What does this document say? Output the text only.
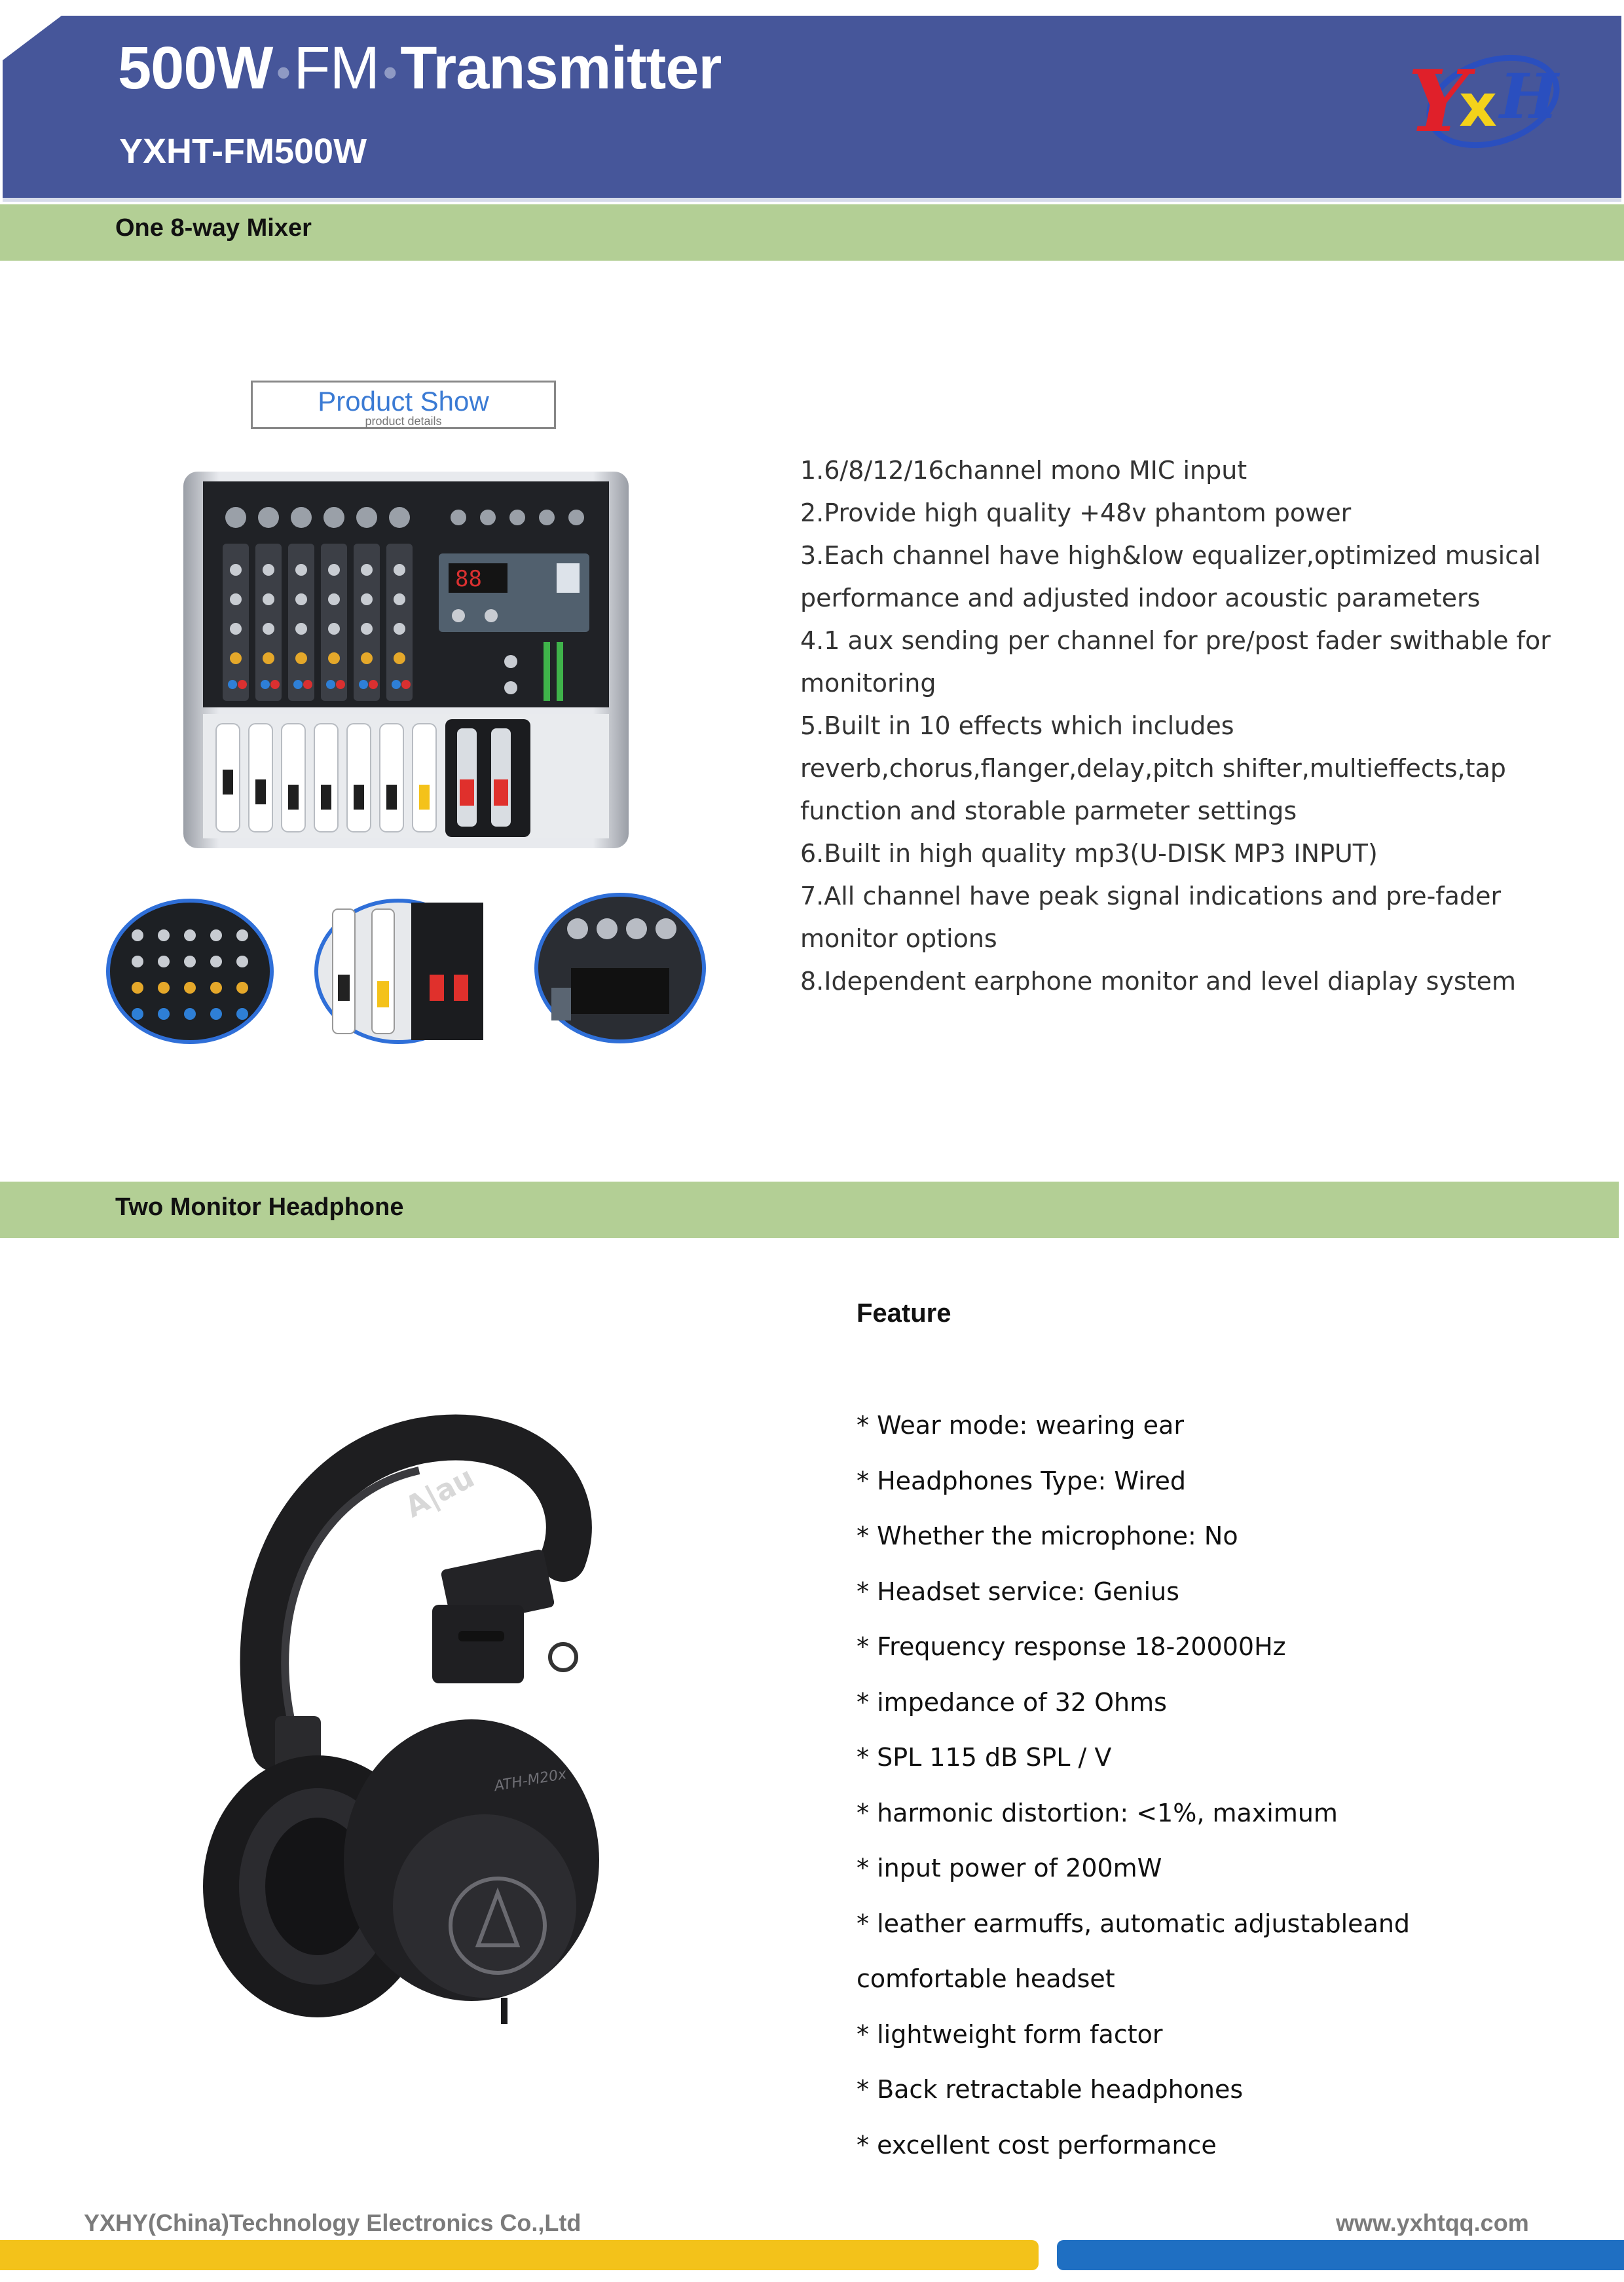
500W •FM •Transmitter
YXHT-FM500W	Y
x H
One 8-way Mixer
Product Show
product details
88
1.6/8/12/16channel mono MIC input
2.Provide high quality +48v phantom power
3.Each channel have high&low equalizer,optimized musical
performance and adjusted indoor acoustic parameters
4.1 aux sending per channel for pre/post fader swithable for
monitoring
5.Built in 10 effects which includes
reverb,chorus,flanger,delay,pitch shifter,multieffects,tap
function and storable parmeter settings
6.Built in high quality mp3(U-DISK MP3 INPUT)
7.All channel have peak signal indications and pre-fader
monitor options
8.Idependent earphone monitor and level diaplay system
Two Monitor Headphone
A|au
ATH-M20x
Feature
* Wear mode: wearing ear
* Headphones Type: Wired
* Whether the microphone: No
* Headset service: Genius
* Frequency response 18-20000Hz
* impedance of 32 Ohms
* SPL 115 dB SPL / V
* harmonic distortion: <1%, maximum
* input power of 200mW
* leather earmuffs, automatic adjustableand
comfortable headset
* lightweight form factor
* Back retractable headphones
* excellent cost performance
YXHY(China)Technology Electronics Co.,Ltd	www.yxhtqq.com
